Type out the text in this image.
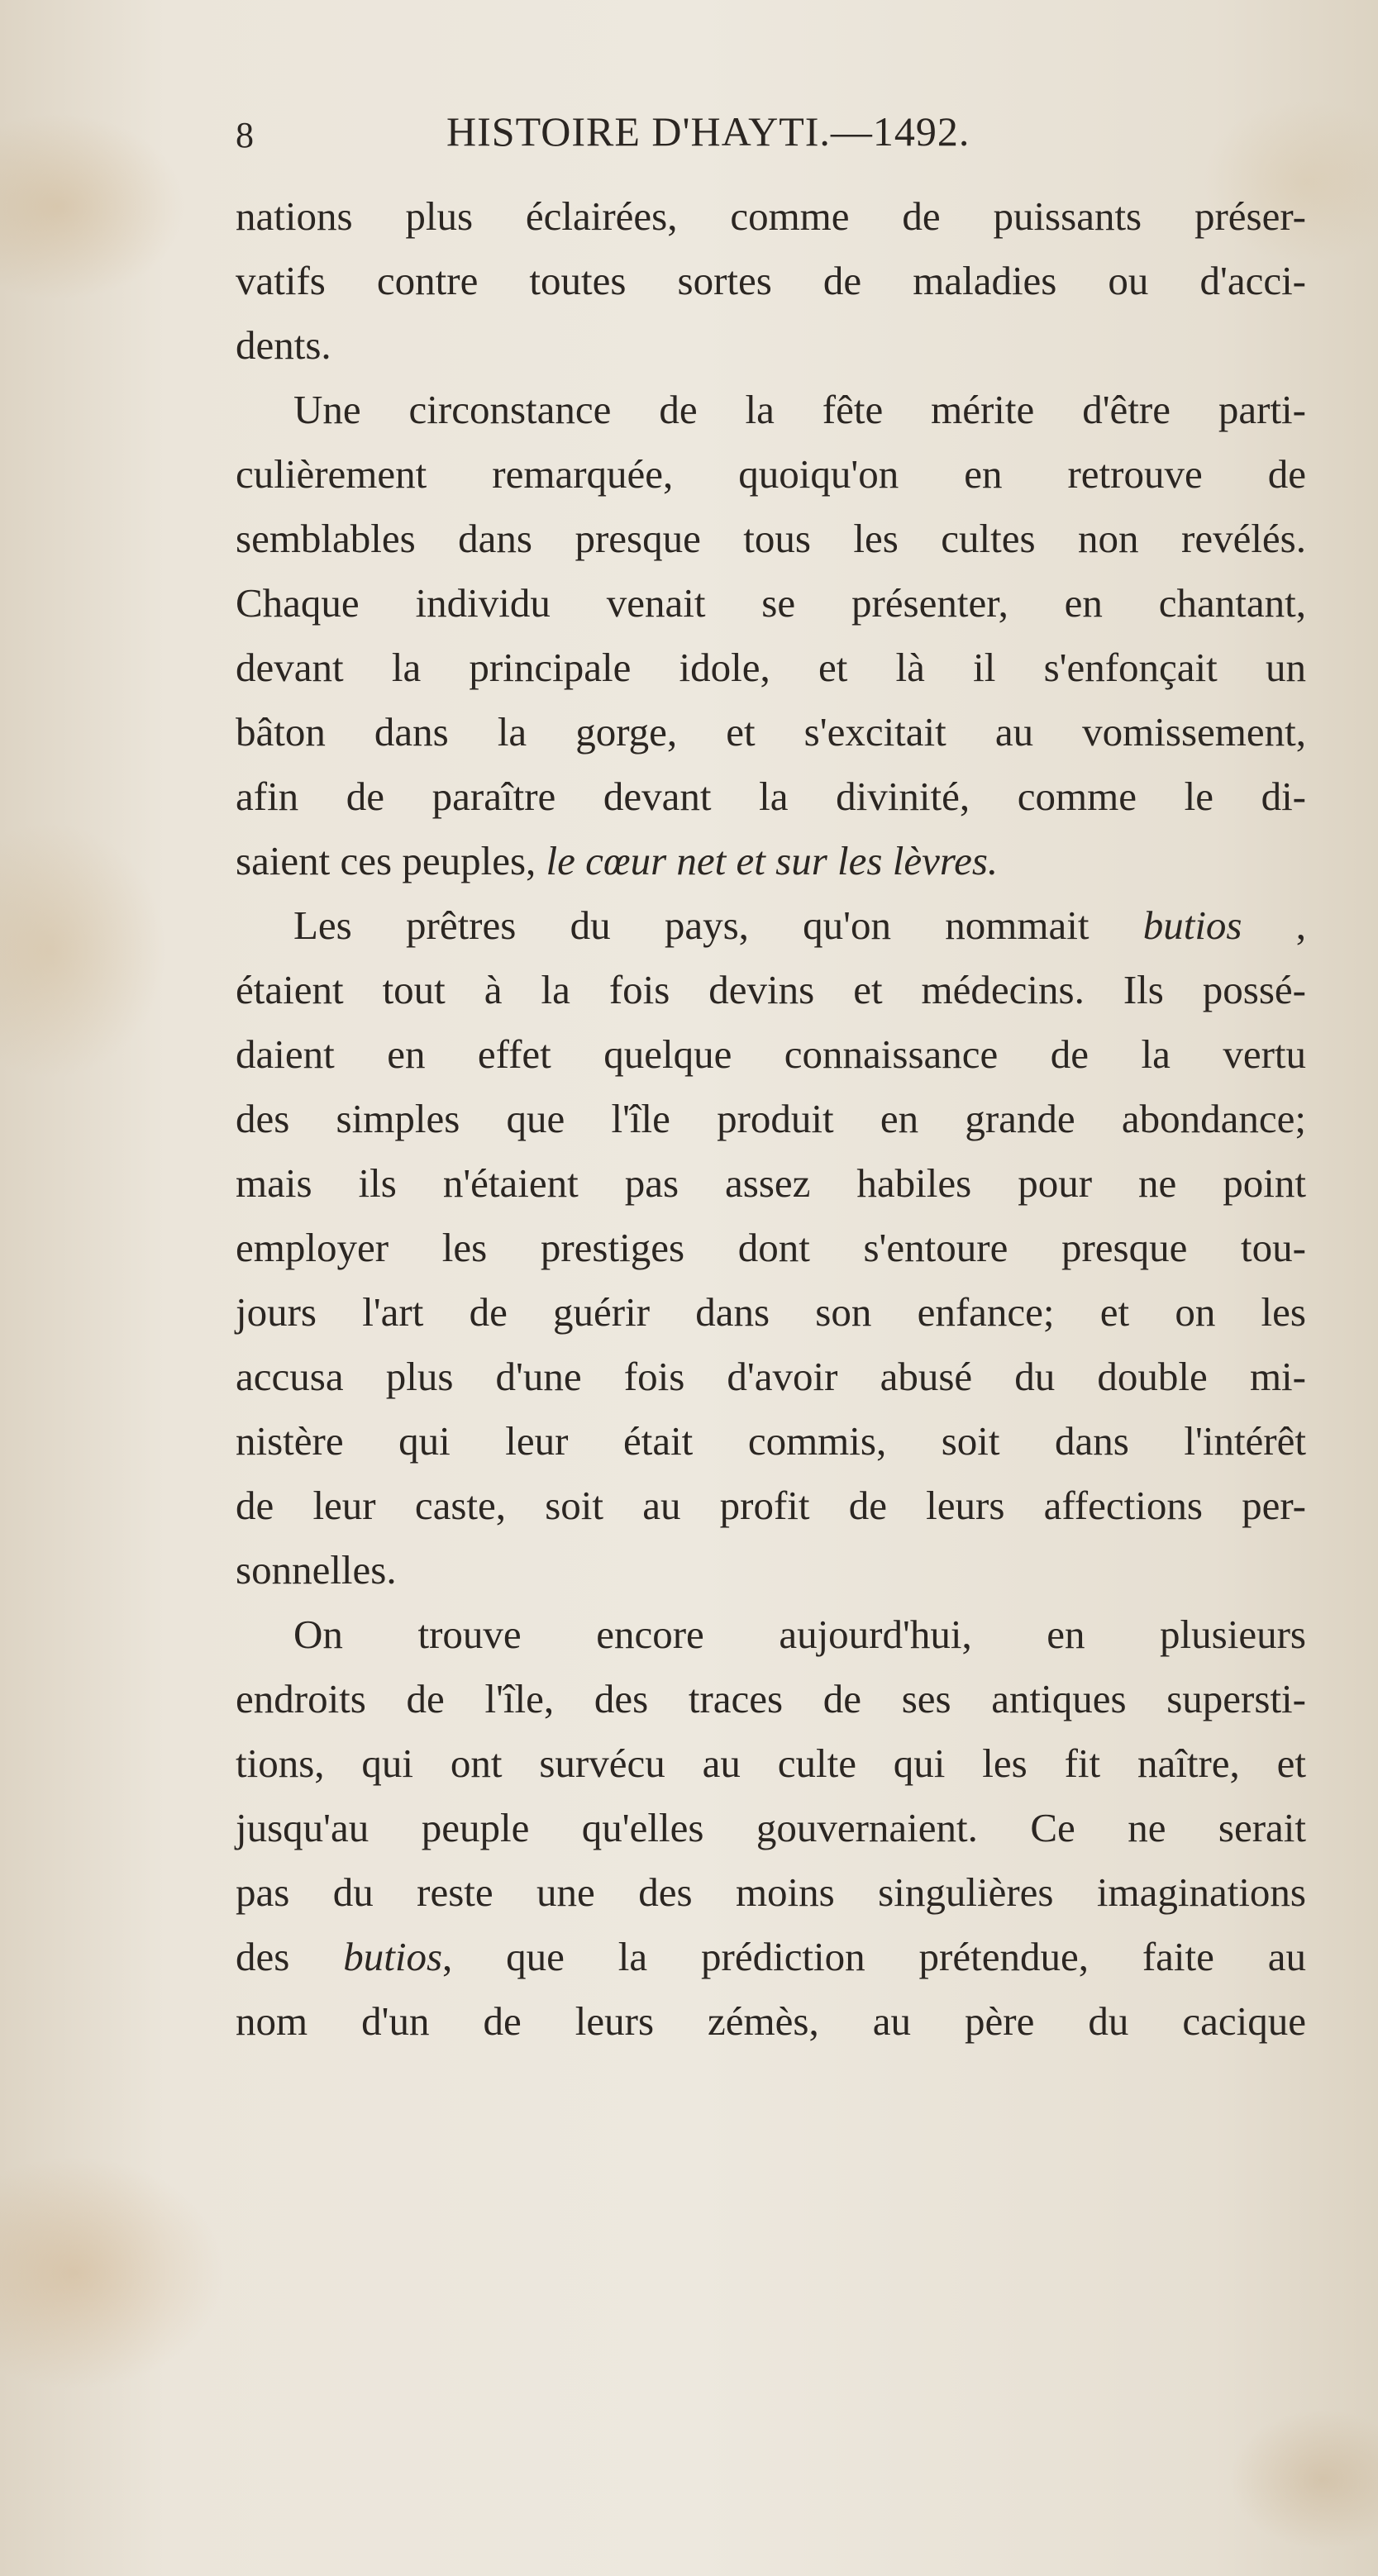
8	HISTOIRE D'HAYTI.—1492.
nations plus éclairées, comme de puissants préser-
vatifs contre toutes sortes de maladies ou d'acci-
dents.
Une circonstance de la fête mérite d'être parti-
culièrement remarquée, quoiqu'on en retrouve de
semblables dans presque tous les cultes non revélés.
Chaque individu venait se présenter, en chantant,
devant la principale idole, et là il s'enfonçait un
bâton dans la gorge, et s'excitait au vomissement,
afin de paraître devant la divinité, comme le di-
saient ces peuples, le cœur net et sur les lèvres.
Les prêtres du pays, qu'on nommait butios ,
étaient tout à la fois devins et médecins. Ils possé-
daient en effet quelque connaissance de la vertu
des simples que l'île produit en grande abondance;
mais ils n'étaient pas assez habiles pour ne point
employer les prestiges dont s'entoure presque tou-
jours l'art de guérir dans son enfance; et on les
accusa plus d'une fois d'avoir abusé du double mi-
nistère qui leur était commis, soit dans l'intérêt
de leur caste, soit au profit de leurs affections per-
sonnelles.
On trouve encore aujourd'hui, en plusieurs
endroits de l'île, des traces de ses antiques supersti-
tions, qui ont survécu au culte qui les fit naître, et
jusqu'au peuple qu'elles gouvernaient. Ce ne serait
pas du reste une des moins singulières imaginations
des butios, que la prédiction prétendue, faite au
nom d'un de leurs zémès, au père du cacique
